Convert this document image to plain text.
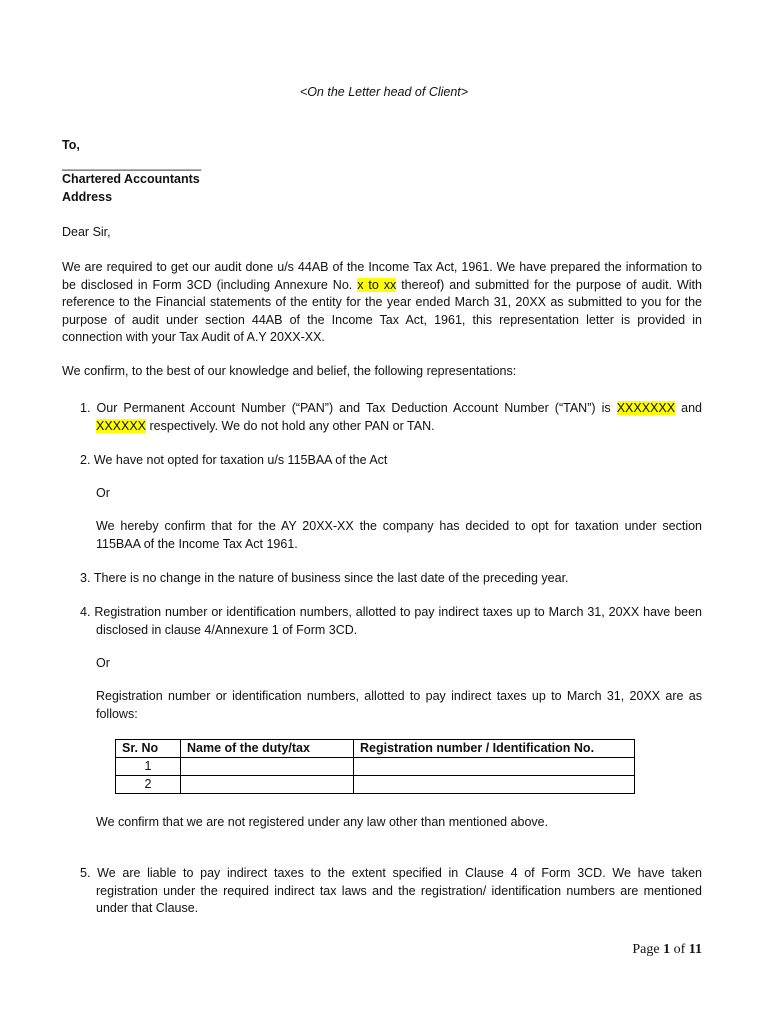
<On the Letter head of Client>
To,
____________________
Chartered Accountants
Address
Dear Sir,
We are required to get our audit done u/s 44AB of the Income Tax Act, 1961. We have prepared the information to be disclosed in Form 3CD (including Annexure No. x to xx thereof) and submitted for the purpose of audit. With reference to the Financial statements of the entity for the year ended March 31, 20XX as submitted to you for the purpose of audit under section 44AB of the Income Tax Act, 1961, this representation letter is provided in connection with your Tax Audit of A.Y 20XX-XX.
We confirm, to the best of our knowledge and belief, the following representations:
1. Our Permanent Account Number (“PAN”) and Tax Deduction Account Number (“TAN”) is XXXXXXX and XXXXXX respectively. We do not hold any other PAN or TAN.
2. We have not opted for taxation u/s 115BAA of the Act
Or
We hereby confirm that for the AY 20XX-XX the company has decided to opt for taxation under section 115BAA of the Income Tax Act 1961.
3. There is no change in the nature of business since the last date of the preceding year.
4. Registration number or identification numbers, allotted to pay indirect taxes up to March 31, 20XX have been disclosed in clause 4/Annexure 1 of Form 3CD.
Or
Registration number or identification numbers, allotted to pay indirect taxes up to March 31, 20XX are as follows:
Sr. No	Name of the duty/tax	Registration number / Identification No.
1		
2		
We confirm that we are not registered under any law other than mentioned above.
5. We are liable to pay indirect taxes to the extent specified in Clause 4 of Form 3CD. We have taken registration under the required indirect tax laws and the registration/ identification numbers are mentioned under that Clause.
Page 1 of 11
